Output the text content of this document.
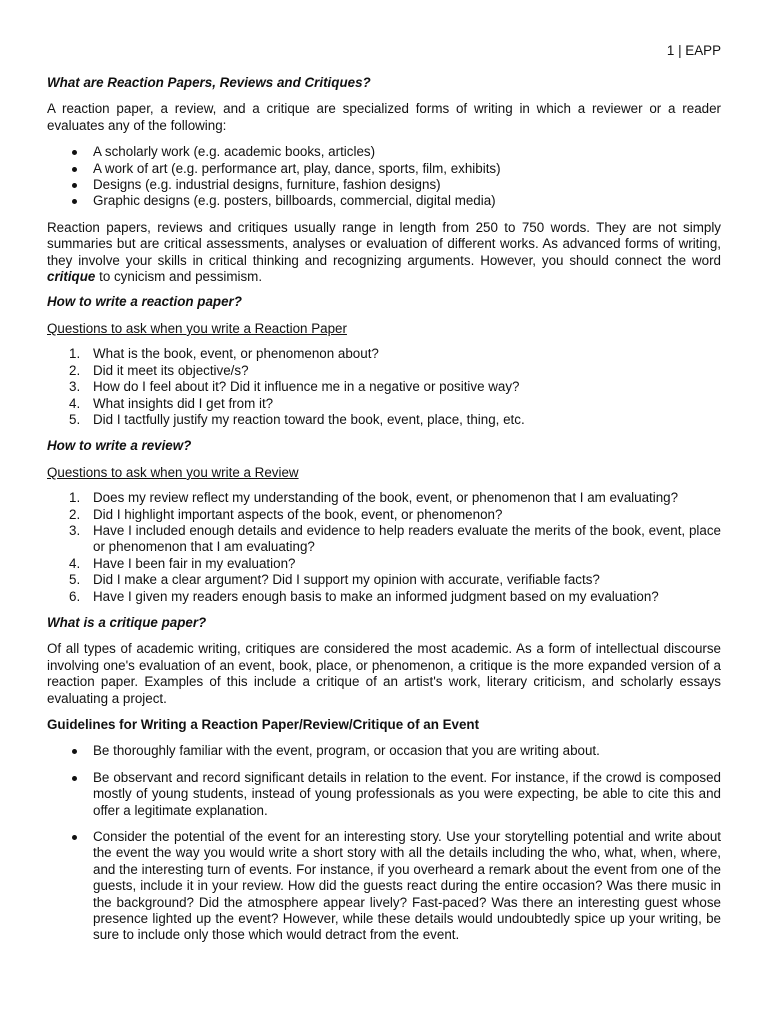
1 | EAPP
What are Reaction Papers, Reviews and Critiques?

A reaction paper, a review, and a critique are specialized forms of writing in which a reviewer or a reader evaluates any of the following:

A scholarly work (e.g. academic books, articles)
A work of art (e.g. performance art, play, dance, sports, film, exhibits)
Designs (e.g. industrial designs, furniture, fashion designs)
Graphic designs (e.g. posters, billboards, commercial, digital media)

Reaction papers, reviews and critiques usually range in length from 250 to 750 words. They are not simply summaries but are critical assessments, analyses or evaluation of different works. As advanced forms of writing, they involve your skills in critical thinking and recognizing arguments. However, you should connect the word critique to cynicism and pessimism.

How to write a reaction paper?
Questions to ask when you write a Reaction Paper
1. What is the book, event, or phenomenon about?
2. Did it meet its objective/s?
3. How do I feel about it? Did it influence me in a negative or positive way?
4. What insights did I get from it?
5. Did I tactfully justify my reaction toward the book, event, place, thing, etc.
How to write a review?
Questions to ask when you write a Review
1. Does my review reflect my understanding of the book, event, or phenomenon that I am evaluating?
2. Did I highlight important aspects of the book, event, or phenomenon?
3. Have I included enough details and evidence to help readers evaluate the merits of the book, event, place or phenomenon that I am evaluating?
4. Have I been fair in my evaluation?
5. Did I make a clear argument? Did I support my opinion with accurate, verifiable facts?
6. Have I given my readers enough basis to make an informed judgment based on my evaluation?
What is a critique paper?

Of all types of academic writing, critiques are considered the most academic. As a form of intellectual discourse involving one's evaluation of an event, book, place, or phenomenon, a critique is the more expanded version of a reaction paper. Examples of this include a critique of an artist's work, literary criticism, and scholarly essays evaluating a project.

Guidelines for Writing a Reaction Paper/Review/Critique of an Event
Be thoroughly familiar with the event, program, or occasion that you are writing about.
Be observant and record significant details in relation to the event. For instance, if the crowd is composed mostly of young students, instead of young professionals as you were expecting, be able to cite this and offer a legitimate explanation.
Consider the potential of the event for an interesting story. Use your storytelling potential and write about the event the way you would write a short story with all the details including the who, what, when, where, and the interesting turn of events. For instance, if you overheard a remark about the event from one of the guests, include it in your review. How did the guests react during the entire occasion? Was there music in the background? Did the atmosphere appear lively? Fast-paced? Was there an interesting guest whose presence lighted up the event? However, while these details would undoubtedly spice up your writing, be sure to include only those which would detract from the event.
